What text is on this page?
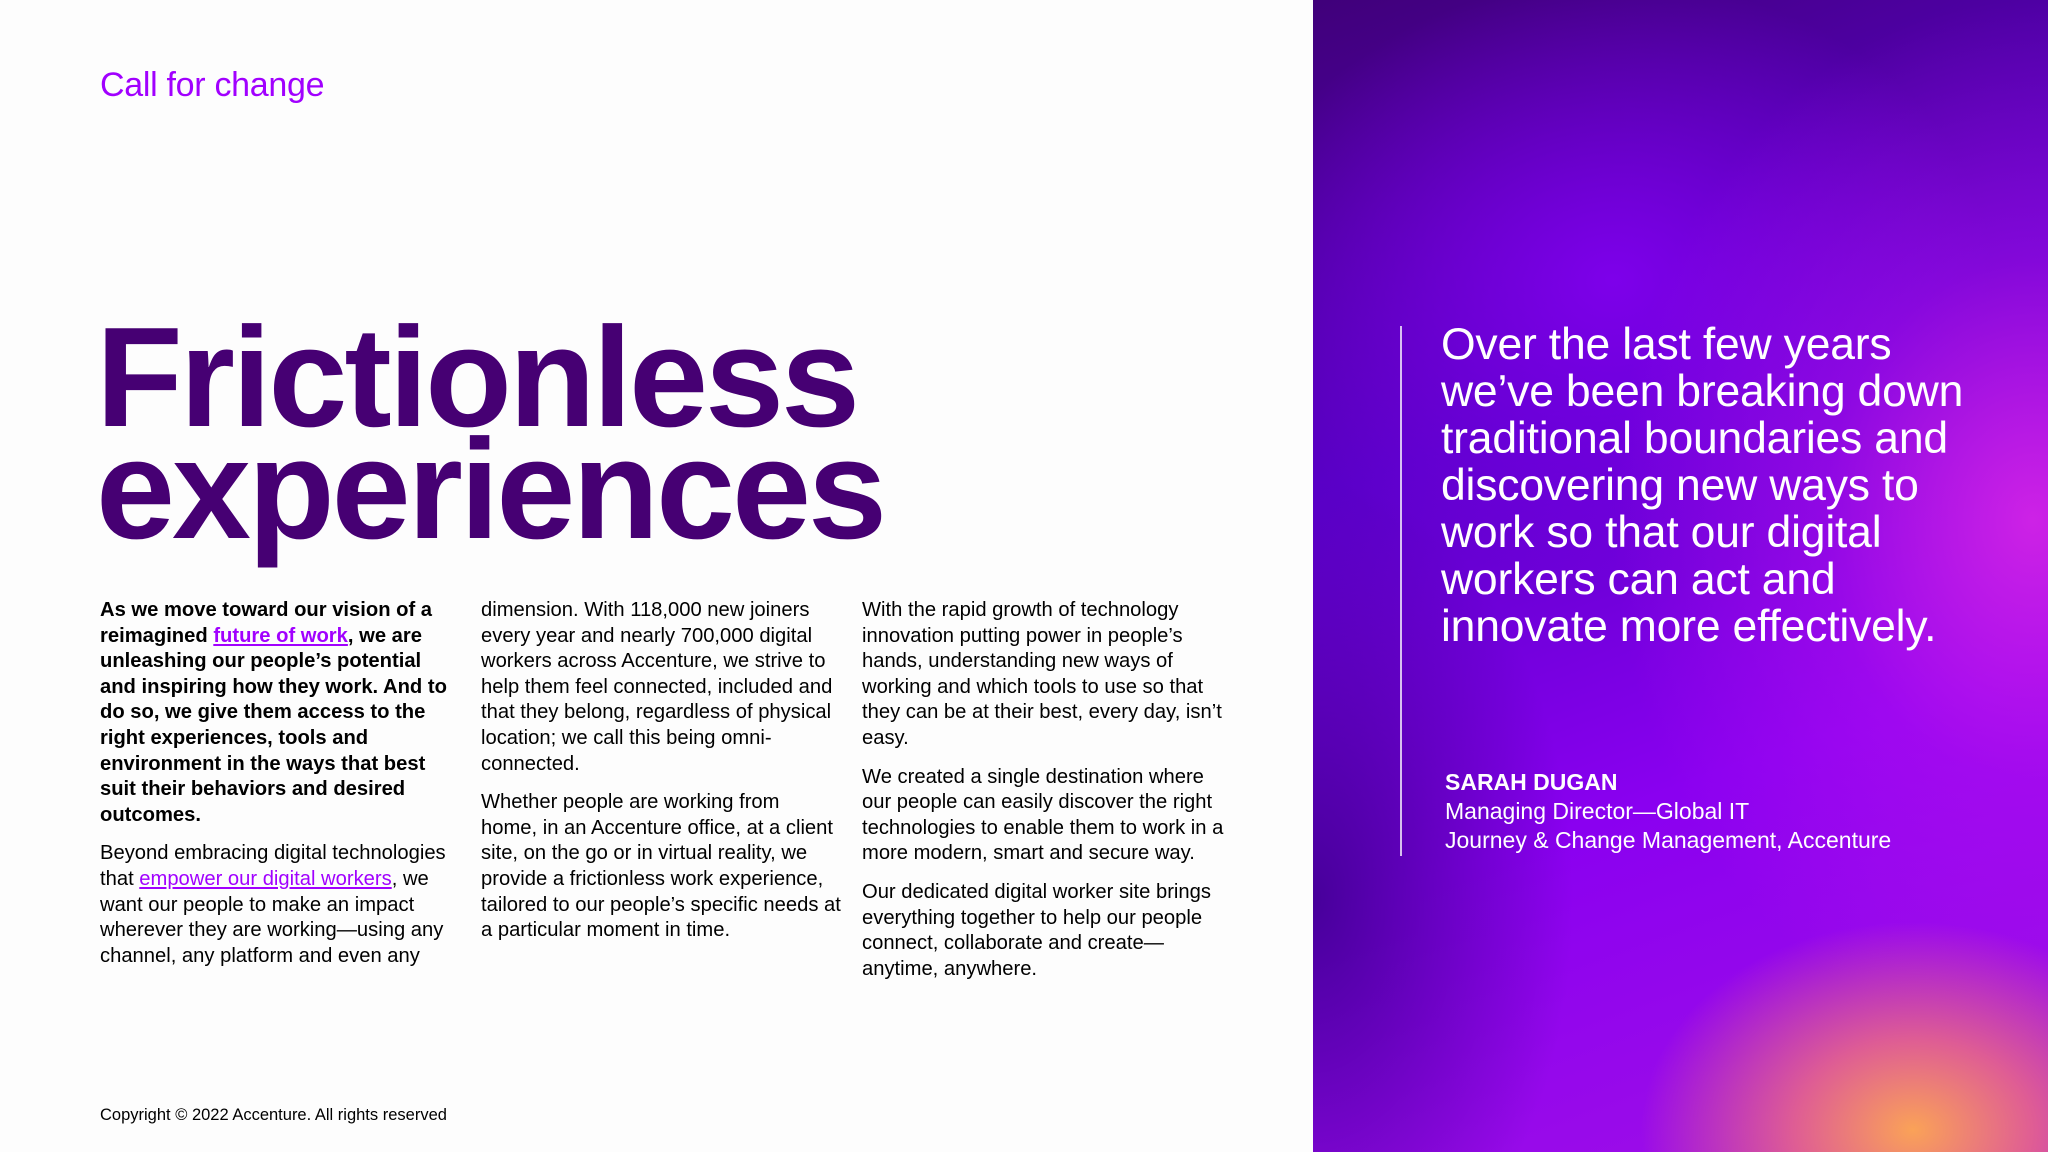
Call for change

Frictionless
experiences

As we move toward our vision of a reimagined future of work, we are unleashing our people’s potential and inspiring how they work. And to do so, we give them access to the right experiences, tools and environment in the ways that best suit their behaviors and desired outcomes.

Beyond embracing digital technologies that empower our digital workers, we want our people to make an impact wherever they are working—using any channel, any platform and even any

dimension. With 118,000 new joiners every year and nearly 700,000 digital workers across Accenture, we strive to help them feel connected, included and that they belong, regardless of physical location; we call this being omni-connected.

Whether people are working from home, in an Accenture office, at a client site, on the go or in virtual reality, we provide a frictionless work experience, tailored to our people’s specific needs at a particular moment in time.

With the rapid growth of technology innovation putting power in people’s hands, understanding new ways of working and which tools to use so that they can be at their best, every day, isn’t easy.

We created a single destination where our people can easily discover the right technologies to enable them to work in a more modern, smart and secure way.

Our dedicated digital worker site brings everything together to help our people connect, collaborate and create—anytime, anywhere.

Copyright © 2022 Accenture. All rights reserved

Over the last few years we’ve been breaking down traditional boundaries and discovering new ways to work so that our digital workers can act and innovate more effectively.

SARAH DUGAN
Managing Director—Global IT
Journey & Change Management, Accenture
